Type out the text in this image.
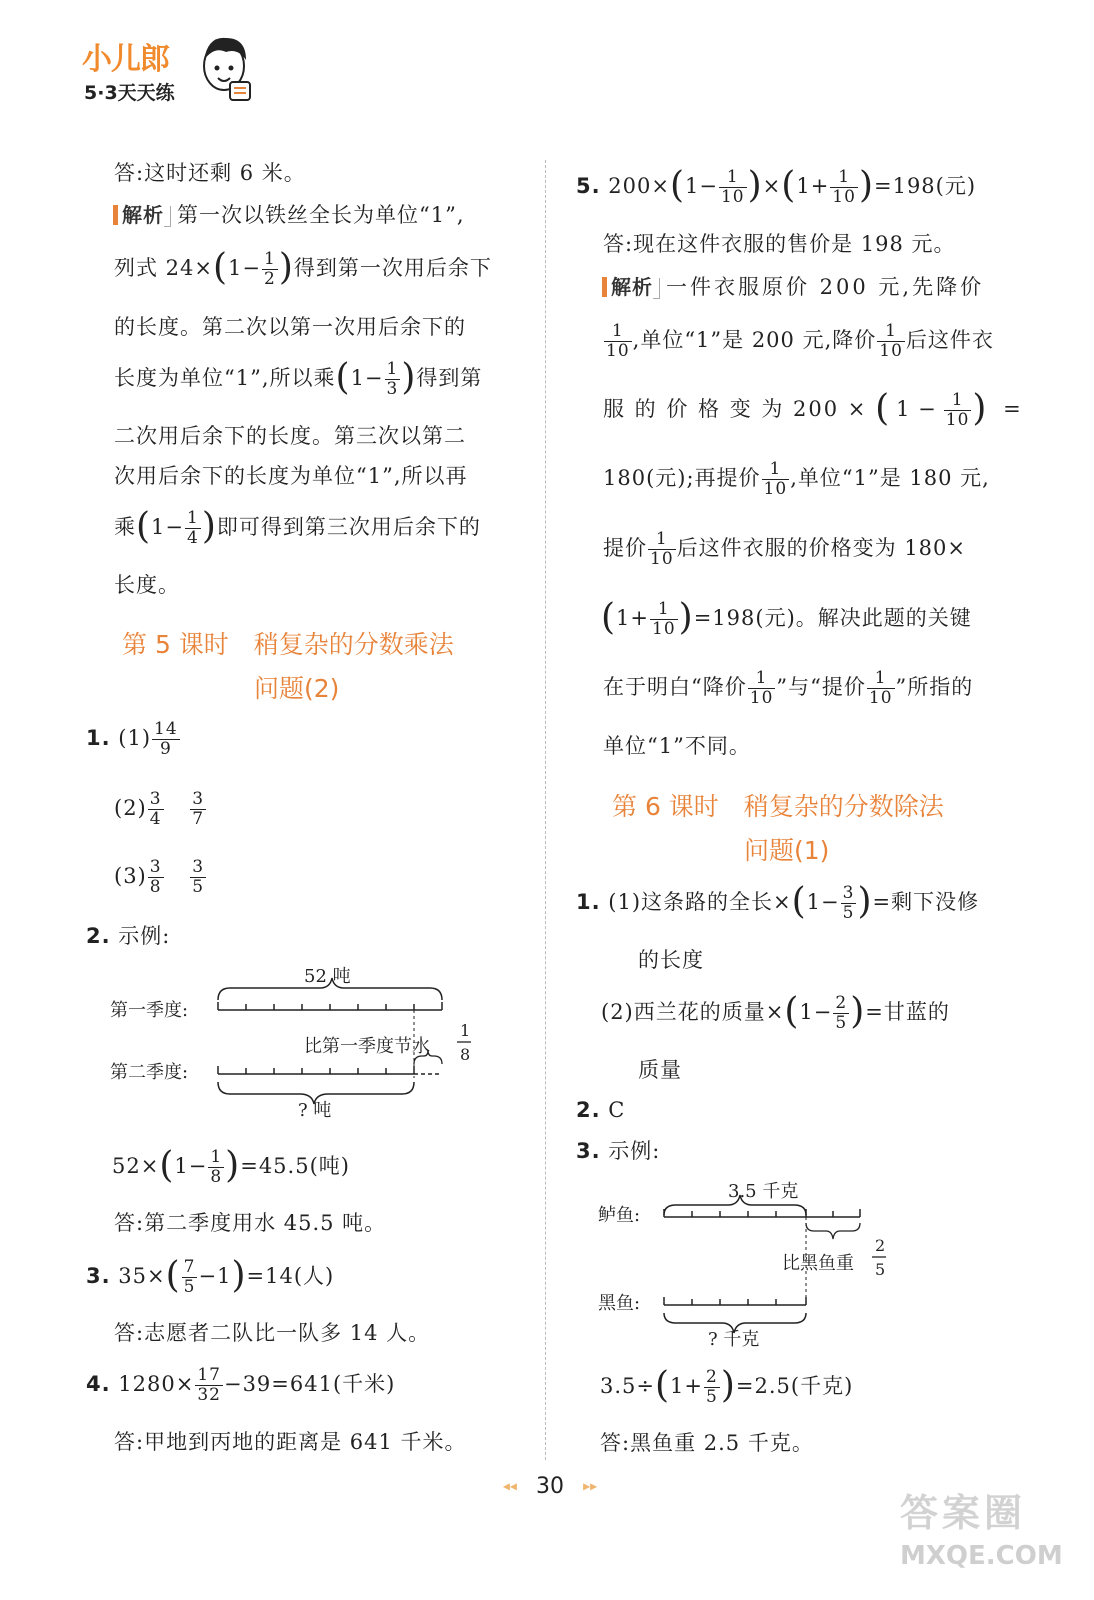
小儿郎
5·3天天练
答:这时还剩 6 米。
解析 第一次以铁丝全长为单位“1”,
列式 $24\times(1- \frac{1}{2}$ )得到第一次用后余下
的长度。第二次以第一次用后余下的
长度为单位“1”,所以乘($1- \frac{1}{3}$ )得到第
二次用后余下的长度。第三次以第二
次用后余下的长度为单位“1”,所以再
乘($1- \frac{1}{4}$ )即可得到第三次用后余下的
长度。
第 5 课时　稍复杂的分数乘法
问题(2)
1. $(1) \frac{14}{9}$
$(2) \frac{3}{4}$
$\frac{3}{7}$
$(3) \frac{3}{8}$
$\frac{3}{5}$
2. 示例:
52 吨
第一季度:
比第一季度节水
1
8
第二季度:
? 吨
$52\times(1- \frac{1}{8} )=45.5$(吨)
答:第二季度用水 45.5 吨。
3. $35\times( \frac{7}{5} -1)=14$(人)
答:志愿者二队比一队多 14 人。
4. $1280\times \frac{17}{32} -39=641$(千米)
答:甲地到丙地的距离是 641 千米。
5. $200\times(1- \frac{1}{10} )\times(1+ \frac{1}{10} )=198$(元)
答:现在这件衣服的售价是 198 元。
解析 一件衣服原价 200 元,先降价
$\frac{1}{10}$ ,单位“1”是 200 元,降价 $\frac{1}{10}$ 后这件衣
服 的 价 格 变 为 200 × ( $1 - \frac{1}{10}$ ) =
180(元);再提价 $\frac{1}{10}$ ,单位“1”是 180 元,
提价 $\frac{1}{10}$ 后这件衣服的价格变为 180×
$(1+ \frac{1}{10} )=198$(元)。解决此题的关键
在于明白“降价 $\frac{1}{10}$ ”与“提价 $\frac{1}{10}$ ”所指的
单位“1”不同。
第 6 课时　稍复杂的分数除法
问题(1)
1. (1)这条路的全长$\times(1- \frac{3}{5}$ )=剩下没修
的长度
(2)西兰花的质量$\times(1- \frac{2}{5}$ )=甘蓝的
质量
2. C
3. 示例:
3.5 千克
鲈鱼:
比黑鱼重
2
5
黑鱼:
? 千克
$3.5\div(1+ \frac{2}{5} )=2.5$(千克)
答:黑鱼重 2.5 千克。
◂◂ 30 ▸▸
答案圈
MXQE.COM
